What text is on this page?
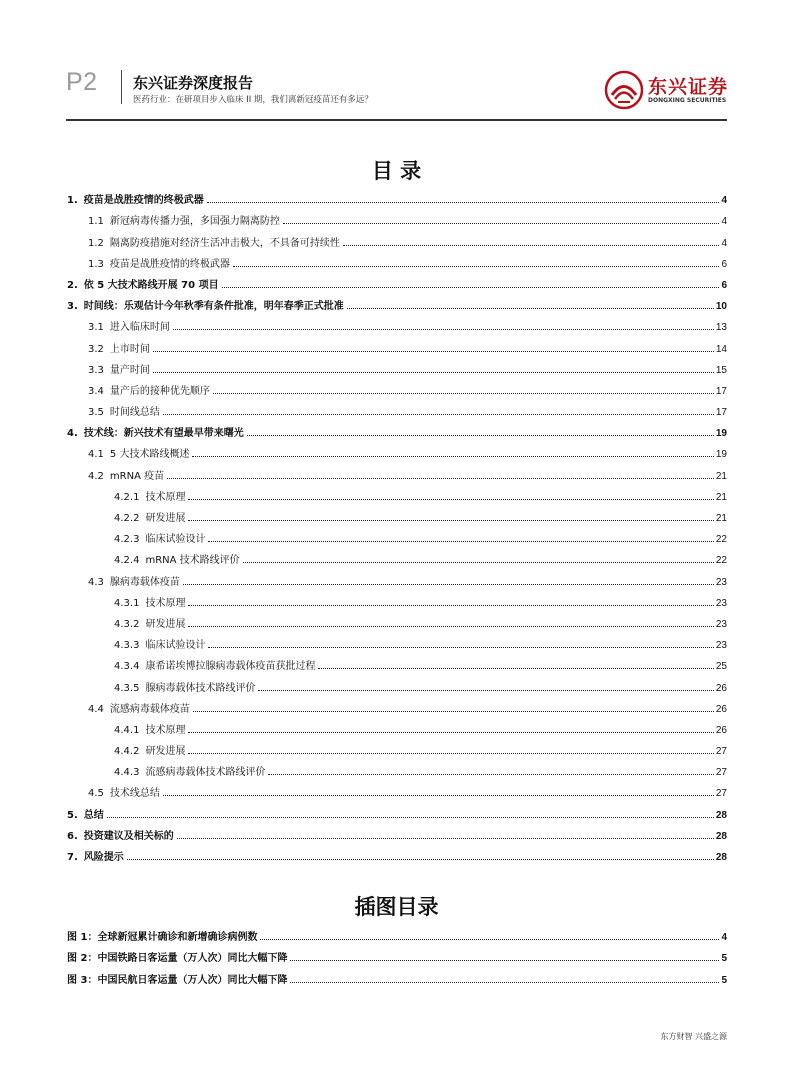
P2 东兴证券深度报告
医药行业：在研项目步入临床 II 期，我们离新冠疫苗还有多远？
东兴证券
DONGXING SECURITIES
目 录
1. 疫苗是战胜疫情的终极武器	4
1.1 新冠病毒传播力强，多国强力隔离防控	4
1.2 隔离防疫措施对经济生活冲击极大，不具备可持续性	4
1.3 疫苗是战胜疫情的终极武器	6
2. 依 5 大技术路线开展 70 项目	6
3. 时间线：乐观估计今年秋季有条件批准，明年春季正式批准	10
3.1 进入临床时间	13
3.2 上市时间	14
3.3 量产时间	15
3.4 量产后的接种优先顺序	17
3.5 时间线总结	17
4. 技术线：新兴技术有望最早带来曙光	19
4.1 5 大技术路线概述	19
4.2 mRNA 疫苗	21
4.2.1 技术原理	21
4.2.2 研发进展	21
4.2.3 临床试验设计	22
4.2.4 mRNA 技术路线评价	22
4.3 腺病毒载体疫苗	23
4.3.1 技术原理	23
4.3.2 研发进展	23
4.3.3 临床试验设计	23
4.3.4 康希诺埃博拉腺病毒载体疫苗获批过程	25
4.3.5 腺病毒载体技术路线评价	26
4.4 流感病毒载体疫苗	26
4.4.1 技术原理	26
4.4.2 研发进展	27
4.4.3 流感病毒载体技术路线评价	27
4.5 技术线总结	27
5. 总结	28
6. 投资建议及相关标的	28
7. 风险提示	28
插图目录
图 1：全球新冠累计确诊和新增确诊病例数	4
图 2：中国铁路日客运量（万人次）同比大幅下降	5
图 3：中国民航日客运量（万人次）同比大幅下降	5
东方财智 兴盛之源
